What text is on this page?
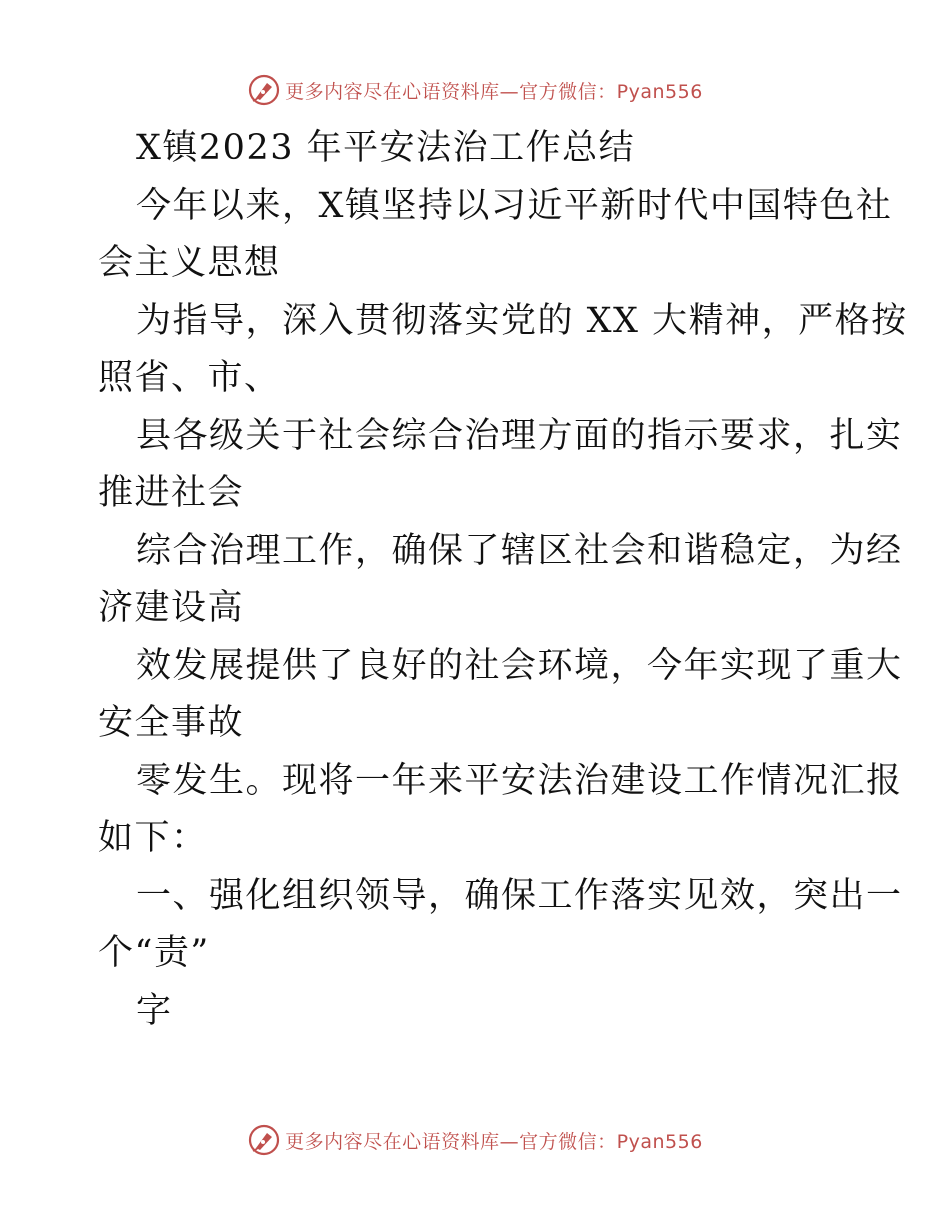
更多内容尽在心语资料库—官方微信：Pyan556
X镇2023 年平安法治工作总结
今年以来，X镇坚持以习近平新时代中国特色社
会主义思想
为指导，深入贯彻落实党的 XX 大精神，严格按
照省、市、
县各级关于社会综合治理方面的指示要求，扎实
推进社会
综合治理工作，确保了辖区社会和谐稳定，为经
济建设高
效发展提供了良好的社会环境，今年实现了重大
安全事故
零发生。现将一年来平安法治建设工作情况汇报
如下：
一、强化组织领导，确保工作落实见效，突出一
个“责”
字
更多内容尽在心语资料库—官方微信：Pyan556
